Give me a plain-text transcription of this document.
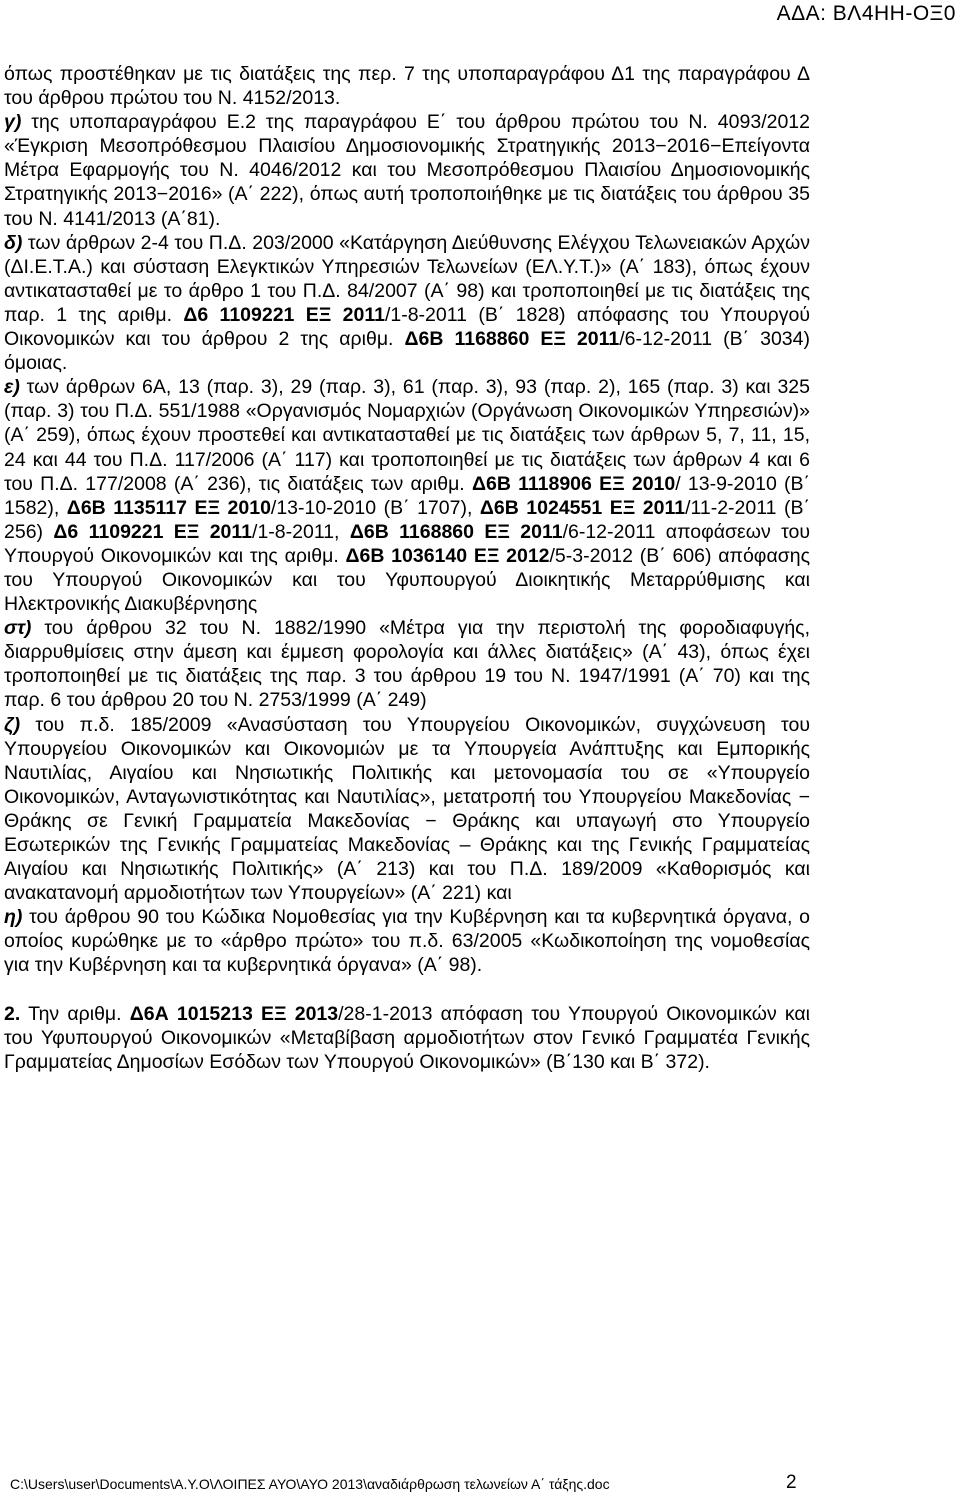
ΑΔΑ: ΒΛ4ΗΗ-ΟΞ0

όπως προστέθηκαν με τις διατάξεις της περ. 7 της υποπαραγράφου Δ1 της παραγράφου Δ του άρθρου πρώτου του Ν. 4152/2013.

γ) της υποπαραγράφου Ε.2 της παραγράφου Ε΄ του άρθρου πρώτου του Ν. 4093/2012 «Έγκριση Μεσοπρόθεσμου Πλαισίου Δημοσιονομικής Στρατηγικής 2013−2016−Επείγοντα Μέτρα Εφαρμογής του Ν. 4046/2012 και του Μεσοπρόθεσμου Πλαισίου Δημοσιονομικής Στρατηγικής 2013−2016» (Α΄ 222), όπως αυτή τροποποιήθηκε με τις διατάξεις του άρθρου 35 του Ν. 4141/2013 (Α΄81).

δ) των άρθρων 2-4 του Π.Δ. 203/2000 «Κατάργηση Διεύθυνσης Ελέγχου Τελωνειακών Αρχών (ΔΙ.Ε.Τ.Α.) και σύσταση Ελεγκτικών Υπηρεσιών Τελωνείων (ΕΛ.Υ.Τ.)» (Α΄ 183), όπως έχουν αντικατασταθεί με το άρθρο 1 του Π.Δ. 84/2007 (Α΄ 98) και τροποποιηθεί με τις διατάξεις της παρ. 1 της αριθμ. Δ6 1109221 ΕΞ 2011/1-8-2011 (Β΄ 1828) απόφασης του Υπουργού Οικονομικών και του άρθρου 2 της αριθμ. Δ6Β 1168860 ΕΞ 2011/6-12-2011 (Β΄ 3034) όμοιας.

ε) των άρθρων 6Α, 13 (παρ. 3), 29 (παρ. 3), 61 (παρ. 3), 93 (παρ. 2), 165 (παρ. 3) και 325 (παρ. 3) του Π.Δ. 551/1988 «Οργανισμός Νομαρχιών (Οργάνωση Οικονομικών Υπηρεσιών)» (Α΄ 259), όπως έχουν προστεθεί και αντικατασταθεί με τις διατάξεις των άρθρων 5, 7, 11, 15, 24 και 44 του Π.Δ. 117/2006 (Α΄ 117) και τροποποιηθεί με τις διατάξεις των άρθρων 4 και 6 του Π.Δ. 177/2008 (Α΄ 236), τις διατάξεις των αριθμ. Δ6Β 1118906 ΕΞ 2010/ 13-9-2010 (Β΄ 1582), Δ6Β 1135117 ΕΞ 2010/13-10-2010 (Β΄ 1707), Δ6Β 1024551 ΕΞ 2011/11-2-2011 (Β΄ 256) Δ6 1109221 ΕΞ 2011/1-8-2011, Δ6Β 1168860 ΕΞ 2011/6-12-2011 αποφάσεων του Υπουργού Οικονομικών και της αριθμ. Δ6Β 1036140 ΕΞ 2012/5-3-2012 (Β΄ 606) απόφασης του Υπουργού Οικονομικών και του Υφυπουργού Διοικητικής Μεταρρύθμισης και Ηλεκτρονικής Διακυβέρνησης

στ) του άρθρου 32 του Ν. 1882/1990 «Μέτρα για την περιστολή της φοροδιαφυγής, διαρρυθμίσεις στην άμεση και έμμεση φορολογία και άλλες διατάξεις» (Α΄ 43), όπως έχει τροποποιηθεί με τις διατάξεις της παρ. 3 του άρθρου 19 του Ν. 1947/1991 (Α΄ 70) και της παρ. 6 του άρθρου 20 του Ν. 2753/1999 (Α΄ 249)

ζ) του π.δ. 185/2009 «Ανασύσταση του Υπουργείου Οικονομικών, συγχώνευση του Υπουργείου Οικονομικών και Οικονομιών με τα Υπουργεία Ανάπτυξης και Εμπορικής Ναυτιλίας, Αιγαίου και Νησιωτικής Πολιτικής και μετονομασία του σε «Υπουργείο Οικονομικών, Ανταγωνιστικότητας και Ναυτιλίας», μετατροπή του Υπουργείου Μακεδονίας − Θράκης σε Γενική Γραμματεία Μακεδονίας − Θράκης και υπαγωγή στο Υπουργείο Εσωτερικών της Γενικής Γραμματείας Μακεδονίας – Θράκης και της Γενικής Γραμματείας Αιγαίου και Νησιωτικής Πολιτικής» (Α΄ 213) και του Π.Δ. 189/2009 «Καθορισμός και ανακατανομή αρμοδιοτήτων των Υπουργείων» (Α΄ 221) και

η) του άρθρου 90 του Κώδικα Νομοθεσίας για την Κυβέρνηση και τα κυβερνητικά όργανα, ο οποίος κυρώθηκε με το «άρθρο πρώτο» του π.δ. 63/2005 «Κωδικοποίηση της νομοθεσίας για την Κυβέρνηση και τα κυβερνητικά όργανα» (Α΄ 98).

2. Την αριθμ. Δ6Α 1015213 ΕΞ 2013/28-1-2013 απόφαση του Υπουργού Οικονομικών και του Υφυπουργού Οικονομικών «Μεταβίβαση αρμοδιοτήτων στον Γενικό Γραμματέα Γενικής Γραμματείας Δημοσίων Εσόδων των Υπουργού Οικονομικών» (Β΄130 και Β΄ 372).

C:\Users\user\Documents\Α.Υ.Ο\ΛΟΙΠΕΣ ΑΥΟ\ΑΥΟ 2013\αναδιάρθρωση τελωνείων Α΄ τάξης.doc	2
